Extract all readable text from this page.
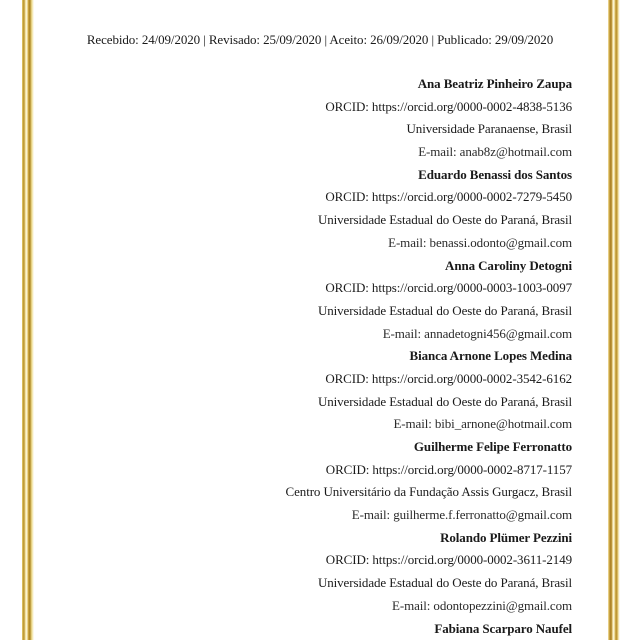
Recebido: 24/09/2020 | Revisado: 25/09/2020 | Aceito: 26/09/2020 | Publicado: 29/09/2020
Ana Beatriz Pinheiro Zaupa
ORCID: https://orcid.org/0000-0002-4838-5136
Universidade Paranaense, Brasil
E-mail: anab8z@hotmail.com
Eduardo Benassi dos Santos
ORCID: https://orcid.org/0000-0002-7279-5450
Universidade Estadual do Oeste do Paraná, Brasil
E-mail: benassi.odonto@gmail.com
Anna Caroliny Detogni
ORCID: https://orcid.org/0000-0003-1003-0097
Universidade Estadual do Oeste do Paraná, Brasil
E-mail: annadetogni456@gmail.com
Bianca Arnone Lopes Medina
ORCID: https://orcid.org/0000-0002-3542-6162
Universidade Estadual do Oeste do Paraná, Brasil
E-mail: bibi_arnone@hotmail.com
Guilherme Felipe Ferronatto
ORCID: https://orcid.org/0000-0002-8717-1157
Centro Universitário da Fundação Assis Gurgacz, Brasil
E-mail: guilherme.f.ferronatto@gmail.com
Rolando Plümer Pezzini
ORCID: https://orcid.org/0000-0002-3611-2149
Universidade Estadual do Oeste do Paraná, Brasil
E-mail: odontopezzini@gmail.com
Fabiana Scarparo Naufel
